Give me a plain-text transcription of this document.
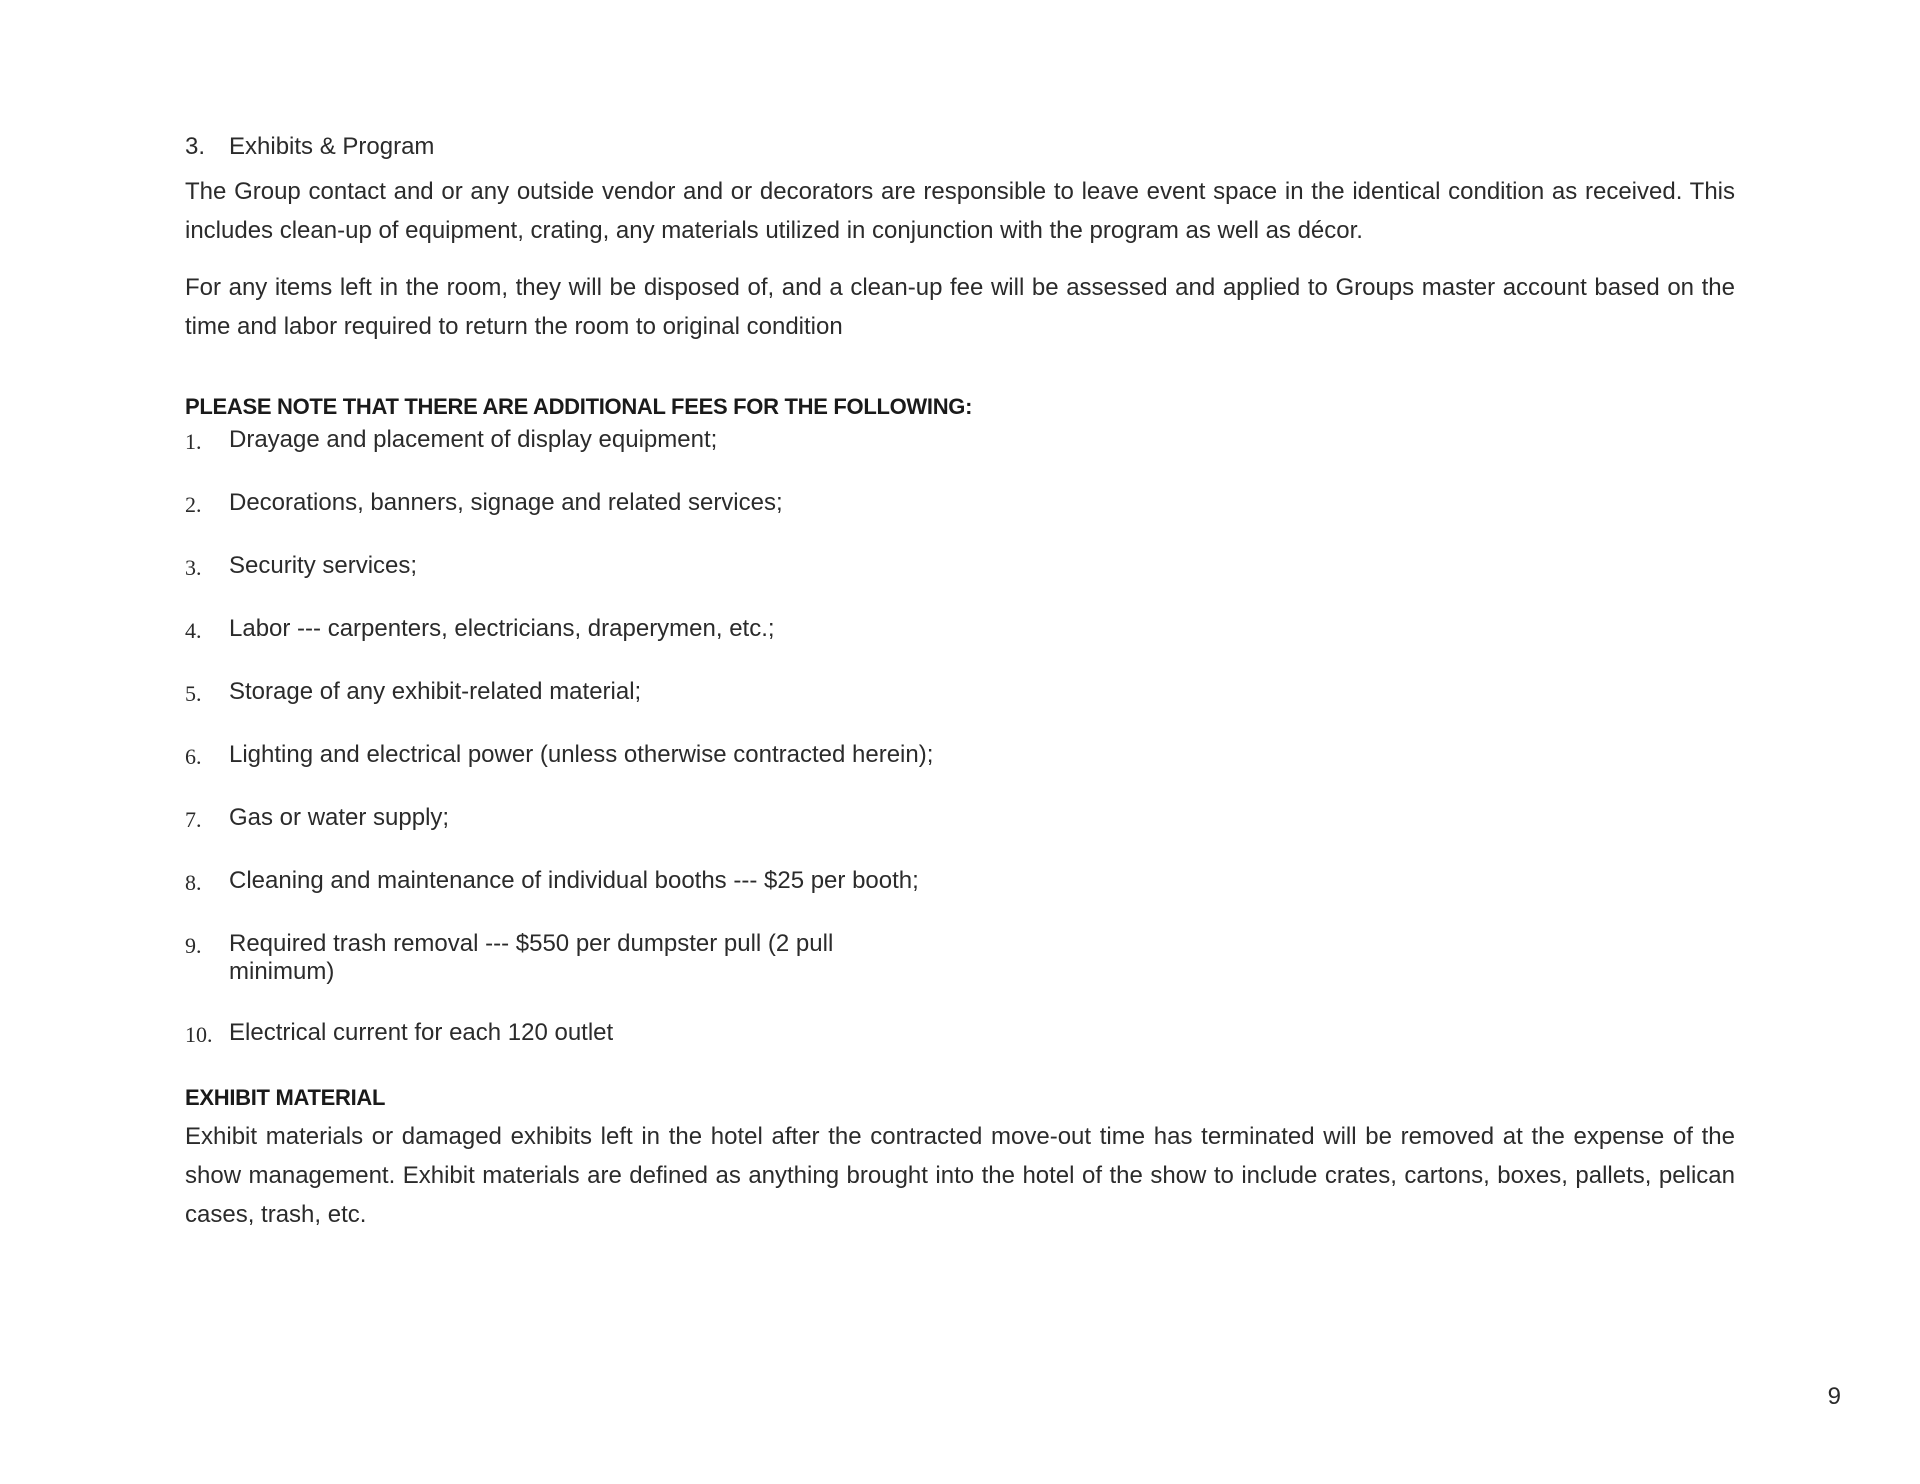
3. Exhibits & Program

The Group contact and or any outside vendor and or decorators are responsible to leave event space in the identical condition as received. This includes clean-up of equipment, crating, any materials utilized in conjunction with the program as well as décor.

For any items left in the room, they will be disposed of, and a clean-up fee will be assessed and applied to Groups master account based on the time and labor required to return the room to original condition

PLEASE NOTE THAT THERE ARE ADDITIONAL FEES FOR THE FOLLOWING:
1.	Drayage and placement of display equipment;
2.	Decorations, banners, signage and related services;
3.	Security services;
4.	Labor --- carpenters, electricians, draperymen, etc.;
5.	Storage of any exhibit-related material;
6.	Lighting and electrical power (unless otherwise contracted herein);
7.	Gas or water supply;
8.	Cleaning and maintenance of individual booths --- $25 per booth;
9.	Required trash removal --- $550 per dumpster pull (2 pull minimum)
10. Electrical current for each 120 outlet
EXHIBIT MATERIAL

Exhibit materials or damaged exhibits left in the hotel after the contracted move-out time has terminated will be removed at the expense of the show management. Exhibit materials are defined as anything brought into the hotel of the show to include crates, cartons, boxes, pallets, pelican cases, trash, etc.

9
